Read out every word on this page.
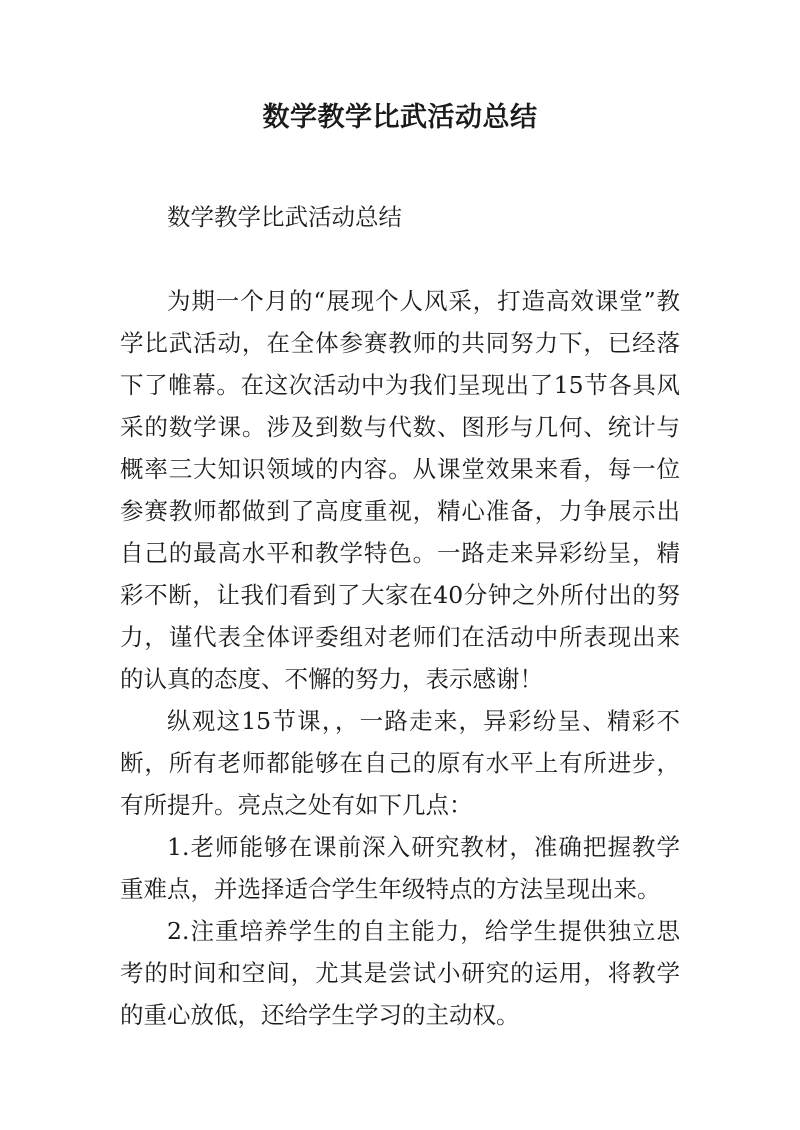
数学教学比武活动总结

数学教学比武活动总结

为期一个月的“展现个人风采，打造高效课堂”教学比武活动，在全体参赛教师的共同努力下，已经落下了帷幕。在这次活动中为我们呈现出了15节各具风采的数学课。涉及到数与代数、图形与几何、统计与概率三大知识领域的内容。从课堂效果来看，每一位参赛教师都做到了高度重视，精心准备，力争展示出自己的最高水平和教学特色。一路走来异彩纷呈，精彩不断，让我们看到了大家在40分钟之外所付出的努力，谨代表全体评委组对老师们在活动中所表现出来的认真的态度、不懈的努力，表示感谢！

纵观这15节课，，一路走来，异彩纷呈、精彩不断，所有老师都能够在自己的原有水平上有所进步，有所提升。亮点之处有如下几点：

1.老师能够在课前深入研究教材，准确把握教学重难点，并选择适合学生年级特点的方法呈现出来。

2.注重培养学生的自主能力，给学生提供独立思考的时间和空间，尤其是尝试小研究的运用，将教学的重心放低，还给学生学习的主动权。
